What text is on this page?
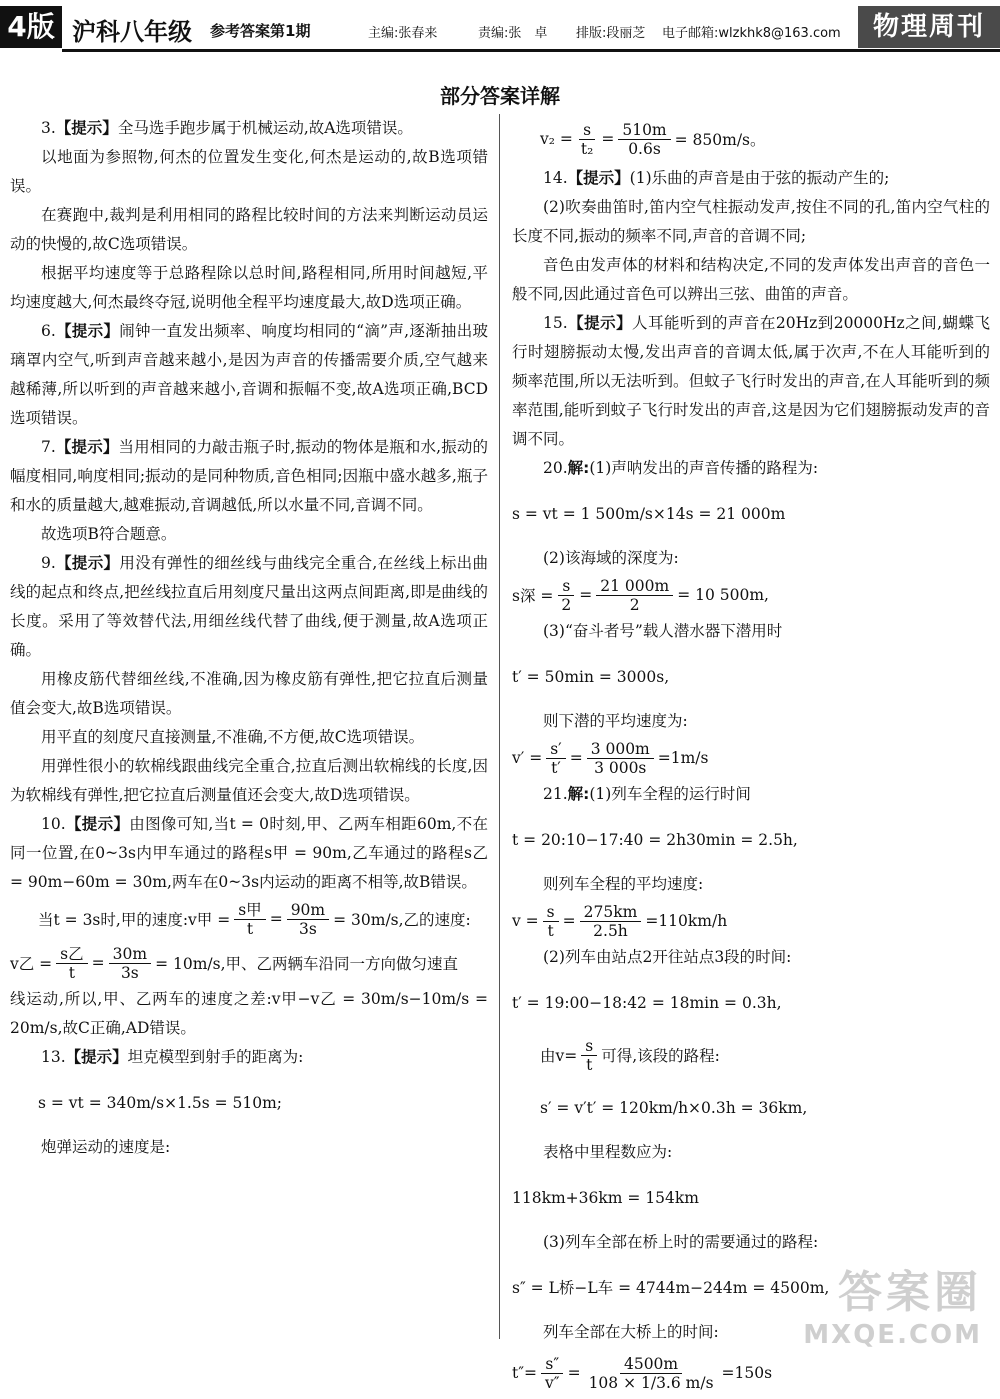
4版 沪科八年级 参考答案第1期	主编:张春来	责编:张　卓 排版:段丽芝 电子邮箱:wlzkhk8@163.com	物理周刊
部分答案详解

3.【提示】全马选手跑步属于机械运动,故A选项错误。

以地面为参照物,何杰的位置发生变化,何杰是运动的,故B选项错误。

在赛跑中,裁判是利用相同的路程比较时间的方法来判断运动员运动的快慢的,故C选项错误。

根据平均速度等于总路程除以总时间,路程相同,所用时间越短,平均速度越大,何杰最终夺冠,说明他全程平均速度最大,故D选项正确。

6.【提示】闹钟一直发出频率、响度均相同的“滴”声,逐渐抽出玻璃罩内空气,听到声音越来越小,是因为声音的传播需要介质,空气越来越稀薄,所以听到的声音越来越小,音调和振幅不变,故A选项正确,BCD选项错误。

7.【提示】当用相同的力敲击瓶子时,振动的物体是瓶和水,振动的幅度相同,响度相同;振动的是同种物质,音色相同;因瓶中盛水越多,瓶子和水的质量越大,越难振动,音调越低,所以水量不同,音调不同。

故选项B符合题意。

9.【提示】用没有弹性的细丝线与曲线完全重合,在丝线上标出曲线的起点和终点,把丝线拉直后用刻度尺量出这两点间距离,即是曲线的长度。采用了等效替代法,用细丝线代替了曲线,便于测量,故A选项正确。

用橡皮筋代替细丝线,不准确,因为橡皮筋有弹性,把它拉直后测量值会变大,故B选项错误。

用平直的刻度尺直接测量,不准确,不方便,故C选项错误。

用弹性很小的软棉线跟曲线完全重合,拉直后测出软棉线的长度,因为软棉线有弹性,把它拉直后测量值还会变大,故D选项错误。

10.【提示】由图像可知,当t = 0时刻,甲、乙两车相距60m,不在同一位置,在0~3s内甲车通过的路程s甲 = 90m,乙车通过的路程s乙 = 90m−60m = 30m,两车在0~3s内运动的距离不相等,故B错误。

当t = 3s时,甲的速度:v甲 = $\frac{\text{s甲}}{t} = \frac{90m}{3s} = 30m/s$,乙的速度:
v乙 = $\frac{\text{s乙}}{t} = \frac{30m}{3s} = 10m/s$,甲、乙两辆车沿同一方向做匀速直

线运动,所以,甲、乙两车的速度之差:v甲−v乙 = 30m/s−10m/s = 20m/s,故C正确,AD错误。

13.【提示】坦克模型到射手的距离为:

s = vt = 340m/s×1.5s = 510m;

炮弹运动的速度是:

$v_2 = \frac{s}{\text{t₂}} = \frac{510m}{0.6s} = 850m/s$。

14.【提示】(1)乐曲的声音是由于弦的振动产生的;

(2)吹奏曲笛时,笛内空气柱振动发声,按住不同的孔,笛内空气柱的长度不同,振动的频率不同,声音的音调不同;

音色由发声体的材料和结构决定,不同的发声体发出声音的音色一般不同,因此通过音色可以辨出三弦、曲笛的声音。

15.【提示】人耳能听到的声音在20Hz到20000Hz之间,蝴蝶飞行时翅膀振动太慢,发出声音的音调太低,属于次声,不在人耳能听到的频率范围,所以无法听到。但蚊子飞行时发出的声音,在人耳能听到的频率范围,能听到蚊子飞行时发出的声音,这是因为它们翅膀振动发声的音调不同。

20.解:(1)声呐发出的声音传播的路程为:

s = vt = 1 500m/s×14s = 21 000m

(2)该海域的深度为:

s深 = $\frac{s}{2} = \frac{21 000m}{2} = 10$ 500m,

(3)“奋斗者号”载人潜水器下潜用时

t′ = 50min = 3000s,

则下潜的平均速度为:

$v' = \frac{s'}{t'} = \frac{3 000m}{3 000s} =1m/s$

21.解:(1)列车全程的运行时间

t = 20:10−17:40 = 2h30min = 2.5h,

则列车全程的平均速度:

$v = \frac{s}{t} = \frac{275km}{2.5h} =110km/h$

(2)列车由站点2开往站点3段的时间:

t′ = 19:00−18:42 = 18min = 0.3h,

由$v= \frac{s}{t}$ 可得,该段的路程:

s′ = v′t′ = 120km/h×0.3h = 36km,

表格中里程数应为:

118km+36km = 154km

(3)列车全部在桥上时的需要通过的路程:

s″ = L桥−L车 = 4744m−244m = 4500m,

列车全部在大桥上的时间:

$t''= \frac{s''}{v''} = \frac{4500m}{108 \times 1/3.6 m/s} =150s$
答案圈
MXQE.COM
